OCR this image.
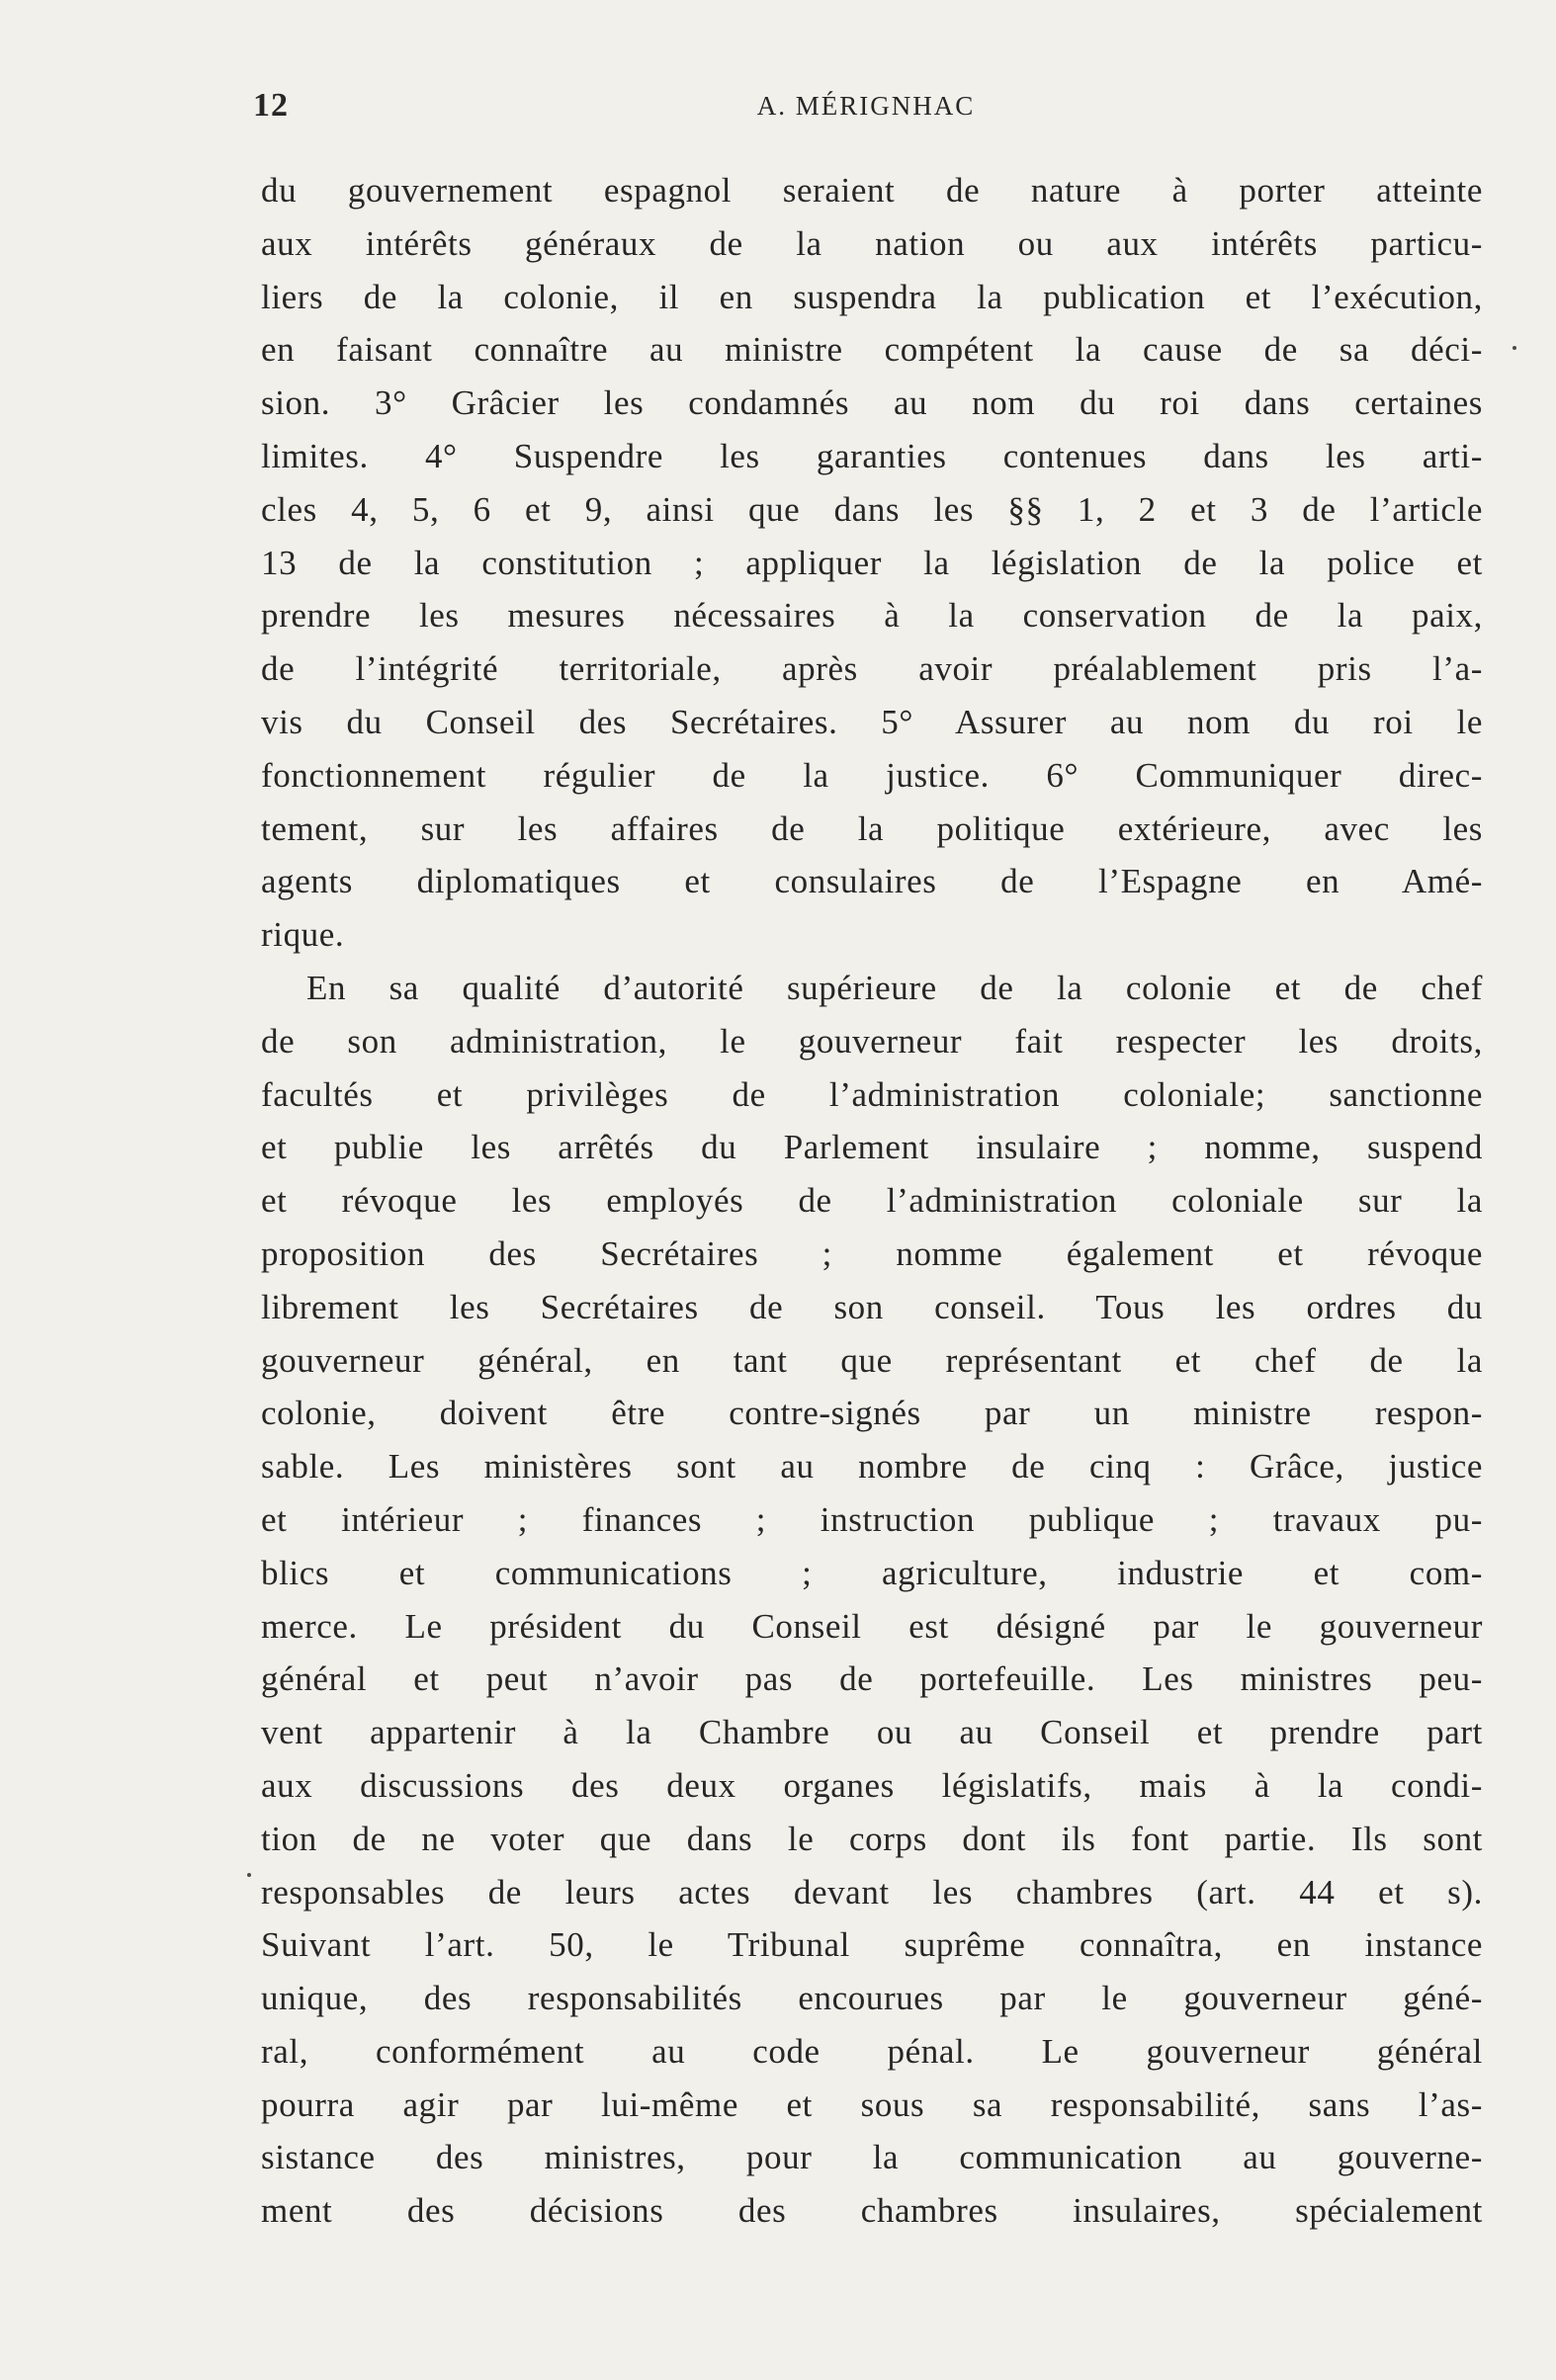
12	A. MÉRIGNHAC
du gouvernement espagnol seraient de nature à porter atteinte
aux intérêts généraux de la nation ou aux intérêts particu-
liers de la colonie, il en suspendra la publication et l’exécution,
en faisant connaître au ministre compétent la cause de sa déci-
sion. 3° Grâcier les condamnés au nom du roi dans certaines
limites. 4° Suspendre les garanties contenues dans les arti-
cles 4, 5, 6 et 9, ainsi que dans les §§ 1, 2 et 3 de l’article
13 de la constitution ; appliquer la législation de la police et
prendre les mesures nécessaires à la conservation de la paix,
de l’intégrité territoriale, après avoir préalablement pris l’a-
vis du Conseil des Secrétaires. 5° Assurer au nom du roi le
fonctionnement régulier de la justice. 6° Communiquer direc-
tement, sur les affaires de la politique extérieure, avec les
agents diplomatiques et consulaires de l’Espagne en Amé-
rique.
En sa qualité d’autorité supérieure de la colonie et de chef
de son administration, le gouverneur fait respecter les droits,
facultés et privilèges de l’administration coloniale; sanctionne
et publie les arrêtés du Parlement insulaire ; nomme, suspend
et révoque les employés de l’administration coloniale sur la
proposition des Secrétaires ; nomme également et révoque
librement les Secrétaires de son conseil. Tous les ordres du
gouverneur général, en tant que représentant et chef de la
colonie, doivent être contre-signés par un ministre respon-
sable. Les ministères sont au nombre de cinq : Grâce, justice
et intérieur ; finances ; instruction publique ; travaux pu-
blics et communications ; agriculture, industrie et com-
merce. Le président du Conseil est désigné par le gouverneur
général et peut n’avoir pas de portefeuille. Les ministres peu-
vent appartenir à la Chambre ou au Conseil et prendre part
aux discussions des deux organes législatifs, mais à la condi-
tion de ne voter que dans le corps dont ils font partie. Ils sont
responsables de leurs actes devant les chambres (art. 44 et s).
Suivant l’art. 50, le Tribunal suprême connaîtra, en instance
unique, des responsabilités encourues par le gouverneur géné-
ral, conformément au code pénal. Le gouverneur général
pourra agir par lui-même et sous sa responsabilité, sans l’as-
sistance des ministres, pour la communication au gouverne-
ment des décisions des chambres insulaires, spécialement
